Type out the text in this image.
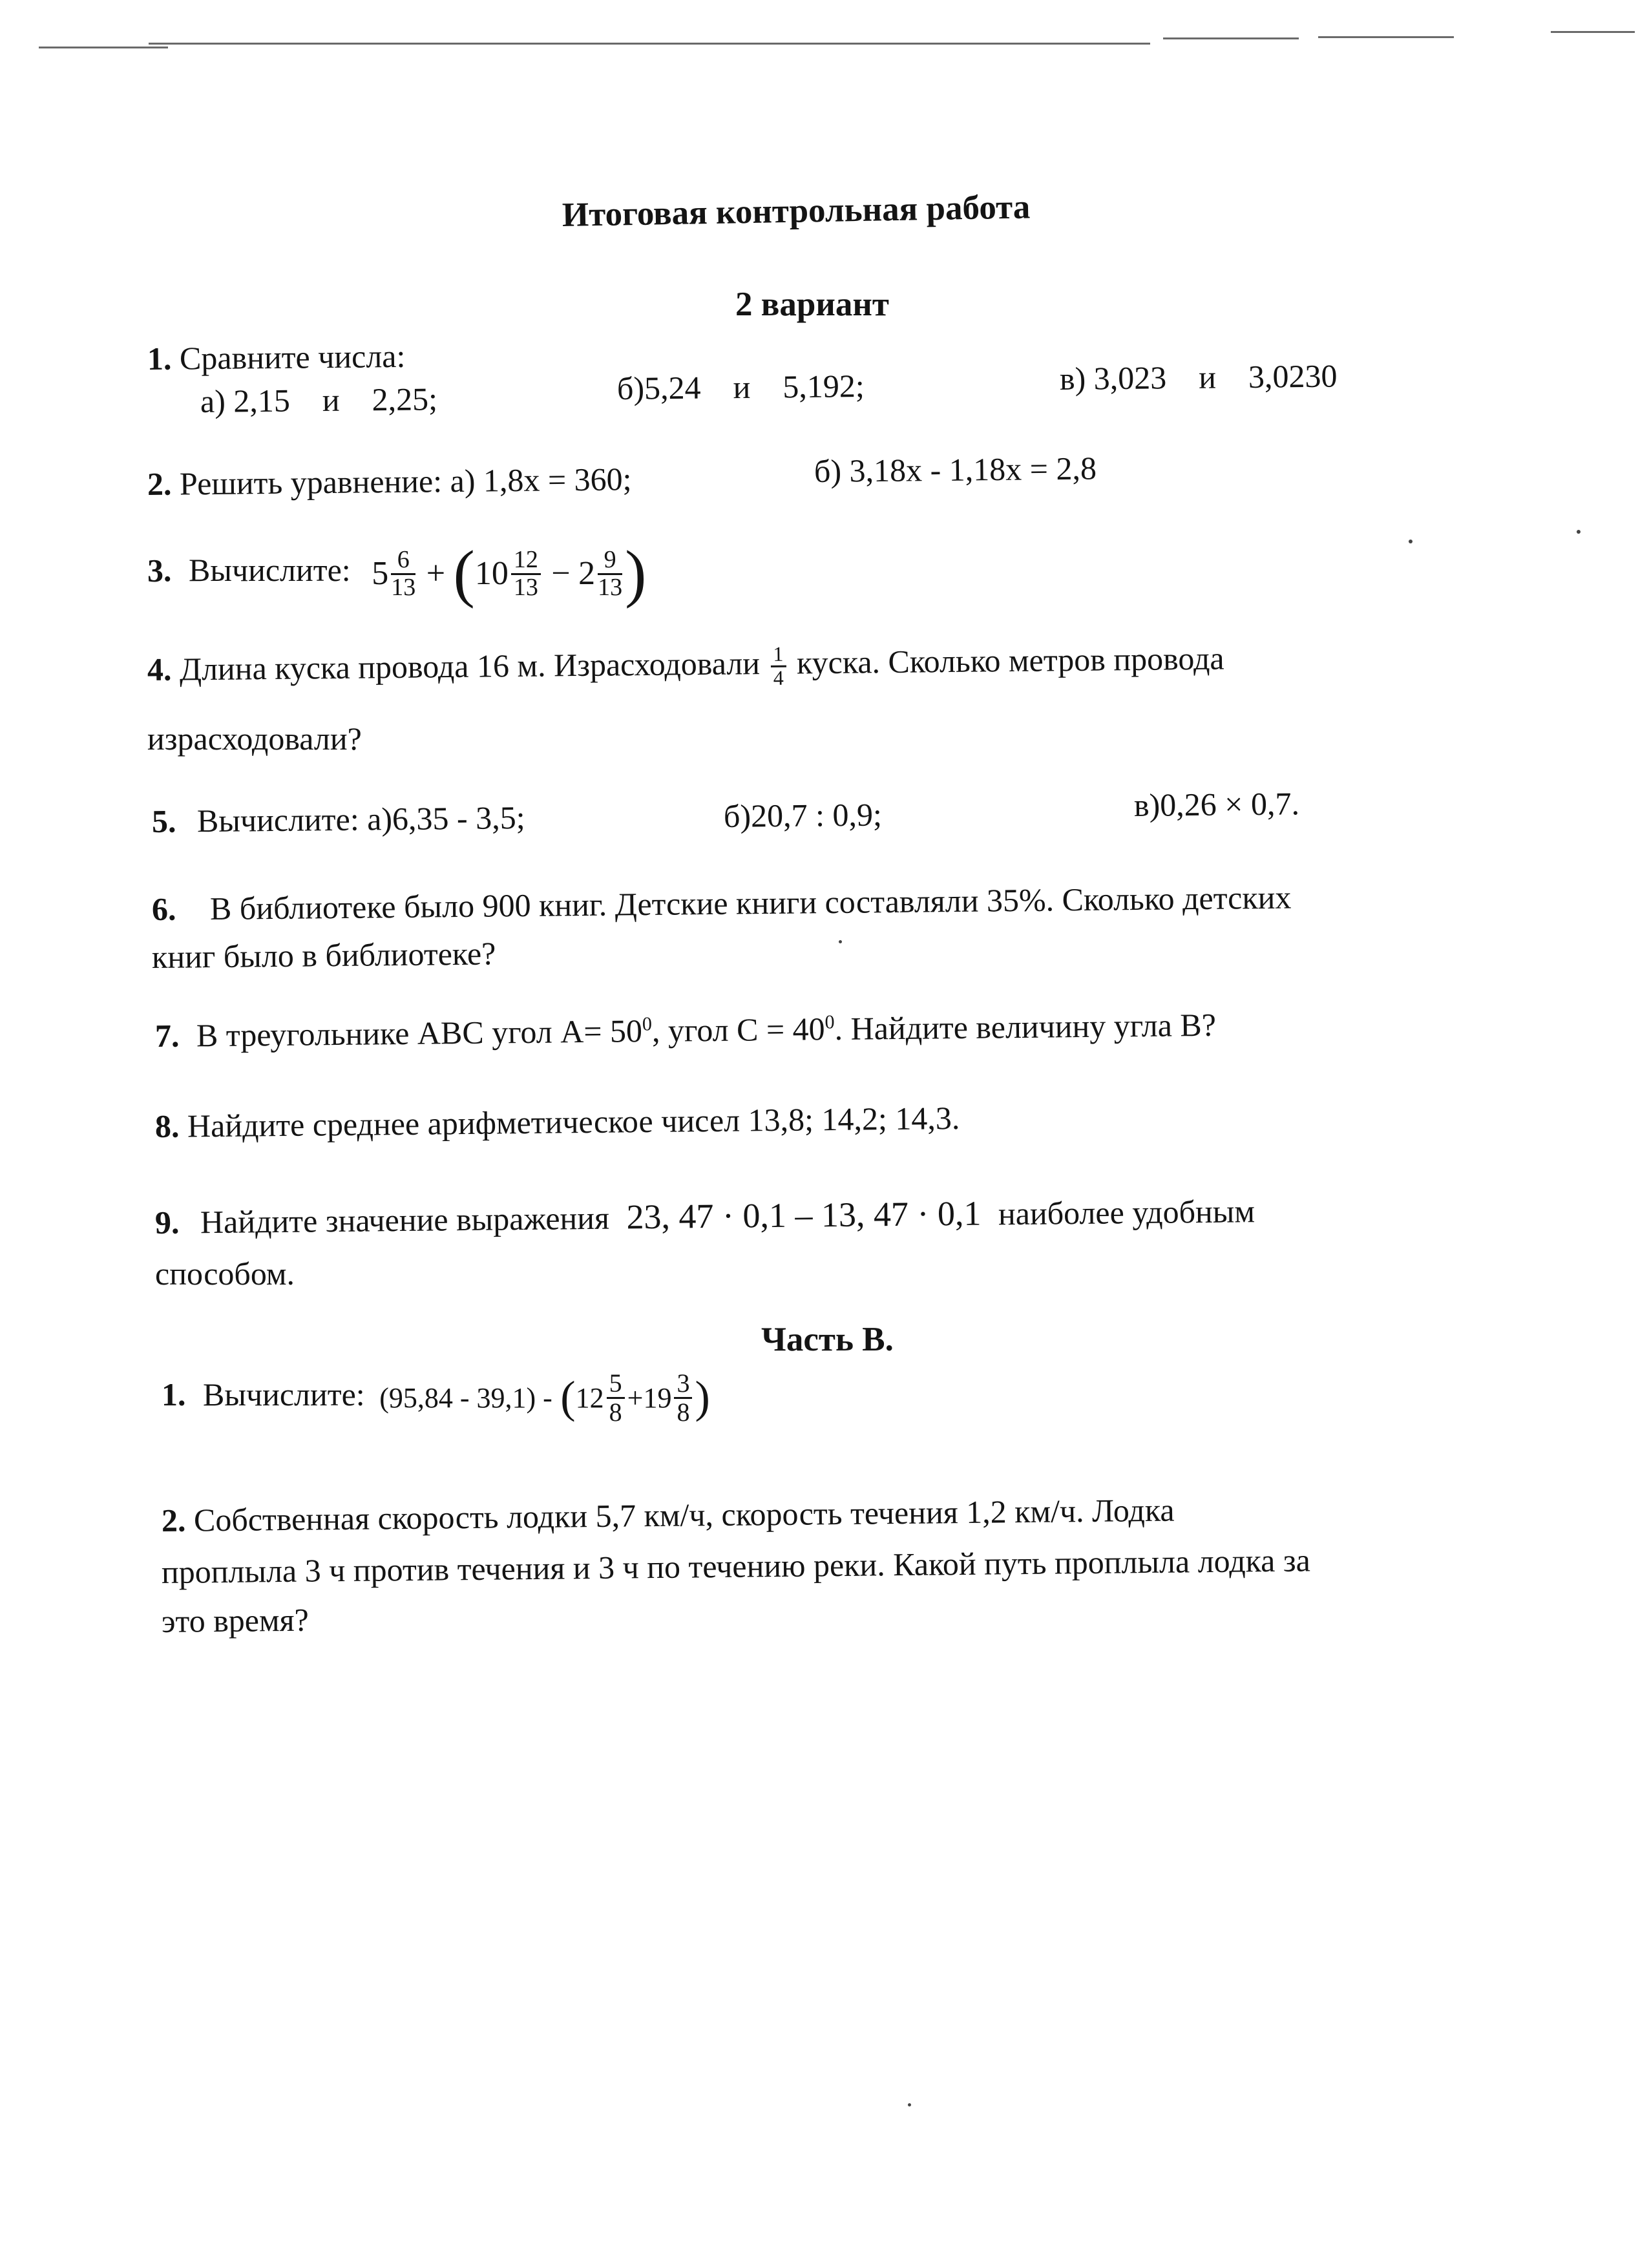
Итоговая контрольная работа
2 вариант
1. Сравните числа:
а) 2,15    и    2,25;	б)5,24    и    5,192;	в) 3,023    и    3,0230
2. Решить уравнение: а) 1,8х = 360;	б) 3,18х - 1,18х = 2,8
3. Вычислите: $5 \frac{6}{13} + (10 \frac{12}{13} - 2 \frac{9}{13}$ )
4. Длина куска провода 16 м. Израсходовали $\frac{1}{4}$ куска. Сколько метров провода
израсходовали?
5. Вычислите: а)6,35 - 3,5;	б)20,7 : 0,9;	в)0,26 × 0,7.
6. В библиотеке было 900 книг. Детские книги составляли 35%. Сколько детских
книг было в библиотеке?
7. В треугольнике АВС угол $А= 50^0$, угол $С = 40^0$. Найдите величину угла В?
8. Найдите среднее арифметическое чисел 13,8; 14,2; 14,3.
9. Найдите значение выражения 23, 47 · 0,1 – 13, 47 · 0,1 наиболее удобным
способом.
Часть В.
1. Вычислите: $(95,84 - 39,1) - (12 \frac{5}{8} +19 \frac{3}{8}$ )
2. Собственная скорость лодки 5,7 км/ч, скорость течения 1,2 км/ч. Лодка
проплыла 3 ч против течения и 3 ч по течению реки. Какой путь проплыла лодка за
это время?
